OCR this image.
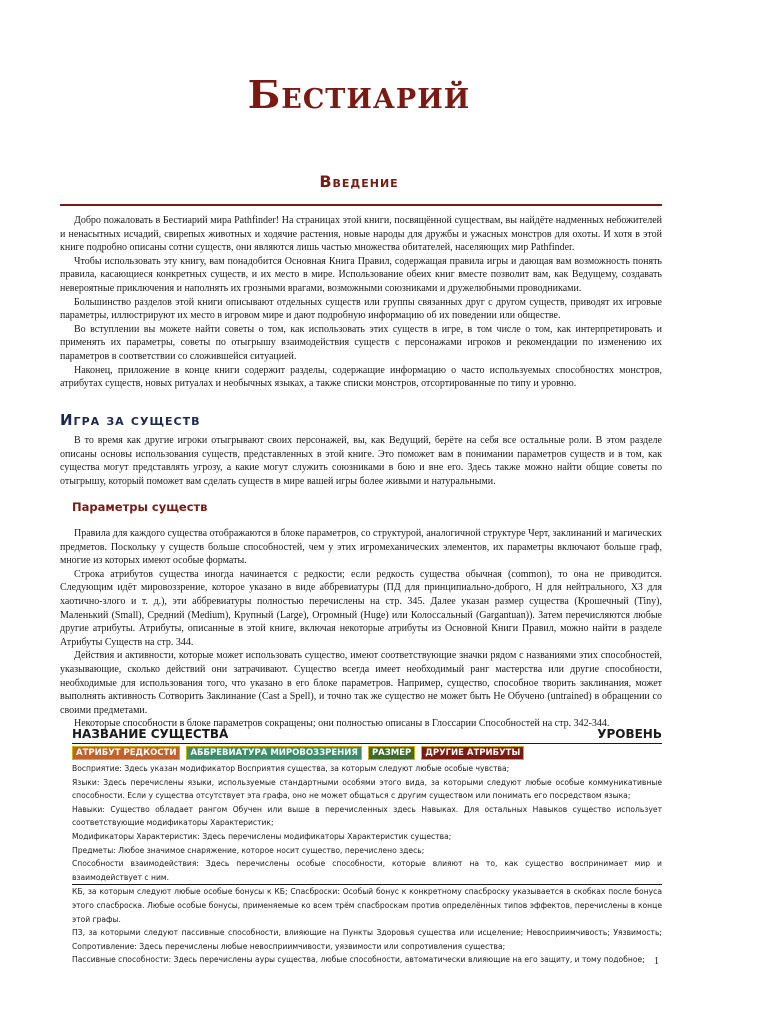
Бестиарий
Введение

Добро пожаловать в Бестиарий мира Pathfinder! На страницах этой книги, посвящённой существам, вы найдёте надменных небожителей и ненасытных исчадий, свирепых животных и ходячие растения, новые народы для дружбы и ужасных монстров для охоты. И хотя в этой книге подробно описаны сотни существ, они являются лишь частью множества обитателей, населяющих мир Pathfinder.

Чтобы использовать эту книгу, вам понадобится Основная Книга Правил, содержащая правила игры и дающая вам возможность понять правила, касающиеся конкретных существ, и их место в мире. Использование обеих книг вместе позволит вам, как Ведущему, создавать невероятные приключения и наполнять их грозными врагами, возможными союзниками и дружелюбными проводниками.

Большинство разделов этой книги описывают отдельных существ или группы связанных друг с другом существ, приводят их игровые параметры, иллюстрируют их место в игровом мире и дают подробную информацию об их поведении или обществе.

Во вступлении вы можете найти советы о том, как использовать этих существ в игре, в том числе о том, как интерпретировать и применять их параметры, советы по отыгрышу взаимодействия существ с персонажами игроков и рекомендации по изменению их параметров в соответствии со сложившейся ситуацией.

Наконец, приложение в конце книги содержит разделы, содержащие информацию о часто используемых способностях монстров, атрибутах существ, новых ритуалах и необычных языках, а также списки монстров, отсортированные по типу и уровню.

Игра за существ

В то время как другие игроки отыгрывают своих персонажей, вы, как Ведущий, берёте на себя все остальные роли. В этом разделе описаны основы использования существ, представленных в этой книге. Это поможет вам в понимании параметров существ и в том, как существа могут представлять угрозу, а какие могут служить союзниками в бою и вне его. Здесь также можно найти общие советы по отыгрышу, который поможет вам сделать существ в мире вашей игры более живыми и натуральными.

Параметры существ

Правила для каждого существа отображаются в блоке параметров, со структурой, аналогичной структуре Черт, заклинаний и магических предметов. Поскольку у существ больше способностей, чем у этих игромеханических элементов, их параметры включают больше граф, многие из которых имеют особые форматы.

Строка атрибутов существа иногда начинается с редкости; если редкость существа обычная (common), то она не приводится. Следующим идёт мировоззрение, которое указано в виде аббревиатуры (ПД для принципиально-доброго, Н для нейтрального, ХЗ для хаотично-злого и т. д.), эти аббревиатуры полностью перечислены на стр. 345. Далее указан размер существа (Крошечный (Tiny), Маленький (Small), Средний (Medium), Крупный (Large), Огромный (Huge) или Колоссальный (Gargantuan)). Затем перечисляются любые другие атрибуты. Атрибуты, описанные в этой книге, включая некоторые атрибуты из Основной Книги Правил, можно найти в разделе Атрибуты Существ на стр. 344.

Действия и активности, которые может использовать существо, имеют соответствующие значки рядом с названиями этих способностей, указывающие, сколько действий они затрачивают. Существо всегда имеет необходимый ранг мастерства или другие способности, необходимые для использования того, что указано в его блоке параметров. Например, существо, способное творить заклинания, может выполнять активность Сотворить Заклинание (Cast a Spell), и точно так же существо не может быть Не Обучено (untrained) в обращении со своими предметами.

Некоторые способности в блоке параметров сокращены; они полностью описаны в Глоссарии Способностей на стр. 342-344.

НАЗВАНИЕ СУЩЕСТВА	УРОВЕНЬ
АТРИБУТ РЕДКОСТИ	АББРЕВИАТУРА МИРОВОЗЗРЕНИЯ	РАЗМЕР	ДРУГИЕ АТРИБУТЫ

Восприятие: Здесь указан модификатор Восприятия существа, за которым следуют любые особые чувства;

Языки: Здесь перечислены языки, используемые стандартными особями этого вида, за которыми следуют любые особые коммуникативные способности. Если у существа отсутствует эта графа, оно не может общаться с другим существом или понимать его посредством языка;

Навыки: Существо обладает рангом Обучен или выше в перечисленных здесь Навыках. Для остальных Навыков существо использует соответствующие модификаторы Характеристик;

Модификаторы Характеристик: Здесь перечислены модификаторы Характеристик существа;

Предметы: Любое значимое снаряжение, которое носит существо, перечислено здесь;

Способности взаимодействия: Здесь перечислены особые способности, которые влияют на то, как существо воспринимает мир и взаимодействует с ним.

КБ, за которым следуют любые особые бонусы к КБ; Спасброски: Особый бонус к конкретному спасброску указывается в скобках после бонуса этого спасброска. Любые особые бонусы, применяемые ко всем трём спасброскам против определённых типов эффектов, перечислены в конце этой графы.

ПЗ, за которыми следуют пассивные способности, влияющие на Пункты Здоровья существа или исцеление; Невосприимчивость; Уязвимость; Сопротивление: Здесь перечислены любые невосприимчивости, уязвимости или сопротивления существа;

Пассивные способности: Здесь перечислены ауры существа, любые способности, автоматически влияющие на его защиту, и тому подобное; 1
